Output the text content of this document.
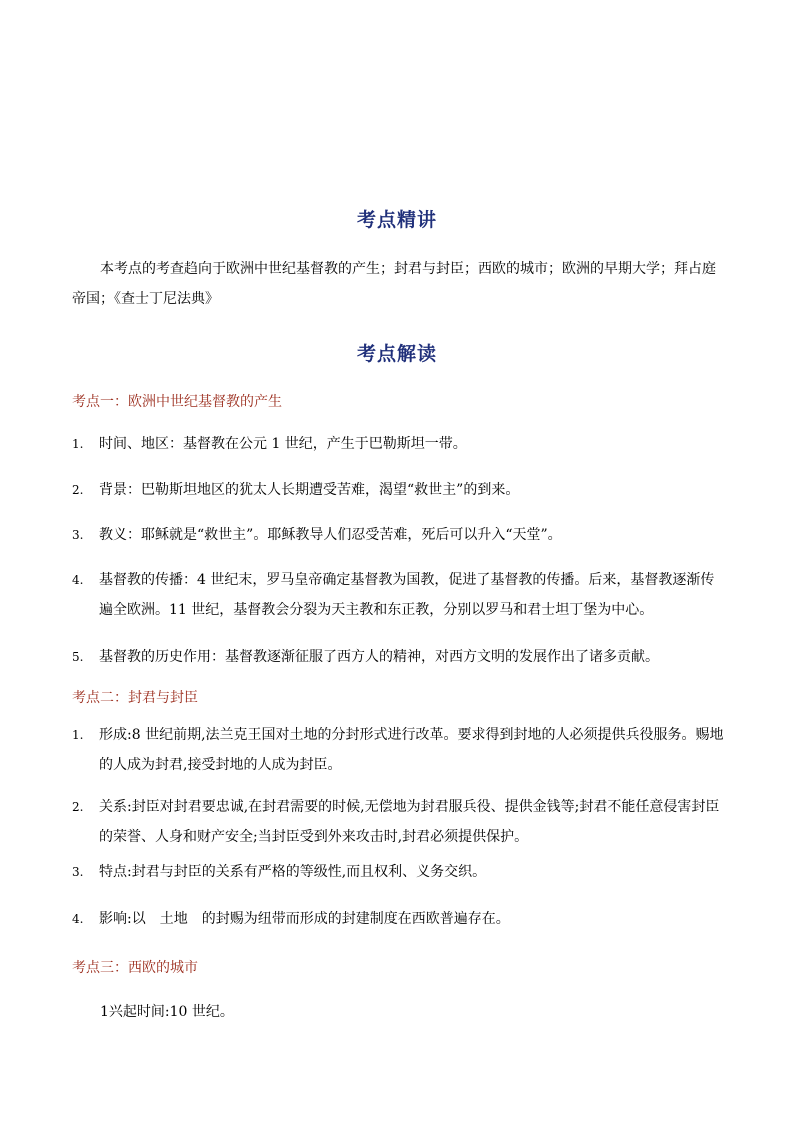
考点精讲
本考点的考查趋向于欧洲中世纪基督教的产生；封君与封臣；西欧的城市；欧洲的早期大学；拜占庭帝国；《查士丁尼法典》
考点解读
考点一：欧洲中世纪基督教的产生
1. 时间、地区：基督教在公元 1 世纪，产生于巴勒斯坦一带。
2. 背景：巴勒斯坦地区的犹太人长期遭受苦难，渴望“救世主”的到来。
3. 教义：耶稣就是“救世主”。耶稣教导人们忍受苦难，死后可以升入“天堂”。
4. 基督教的传播：4 世纪末，罗马皇帝确定基督教为国教，促进了基督教的传播。后来，基督教逐渐传遍全欧洲。11 世纪，基督教会分裂为天主教和东正教，分别以罗马和君士坦丁堡为中心。
5. 基督教的历史作用：基督教逐渐征服了西方人的精神，对西方文明的发展作出了诸多贡献。
考点二：封君与封臣
1. 形成:8 世纪前期,法兰克王国对土地的分封形式进行改革。要求得到封地的人必须提供兵役服务。赐地的人成为封君,接受封地的人成为封臣。
2. 关系:封臣对封君要忠诚,在封君需要的时候,无偿地为封君服兵役、提供金钱等;封君不能任意侵害封臣的荣誉、人身和财产安全;当封臣受到外来攻击时,封君必须提供保护。
3. 特点:封君与封臣的关系有严格的等级性,而且权利、义务交织。
4. 影响:以　土地　的封赐为纽带而形成的封建制度在西欧普遍存在。
考点三：西欧的城市
1兴起时间:10 世纪。
